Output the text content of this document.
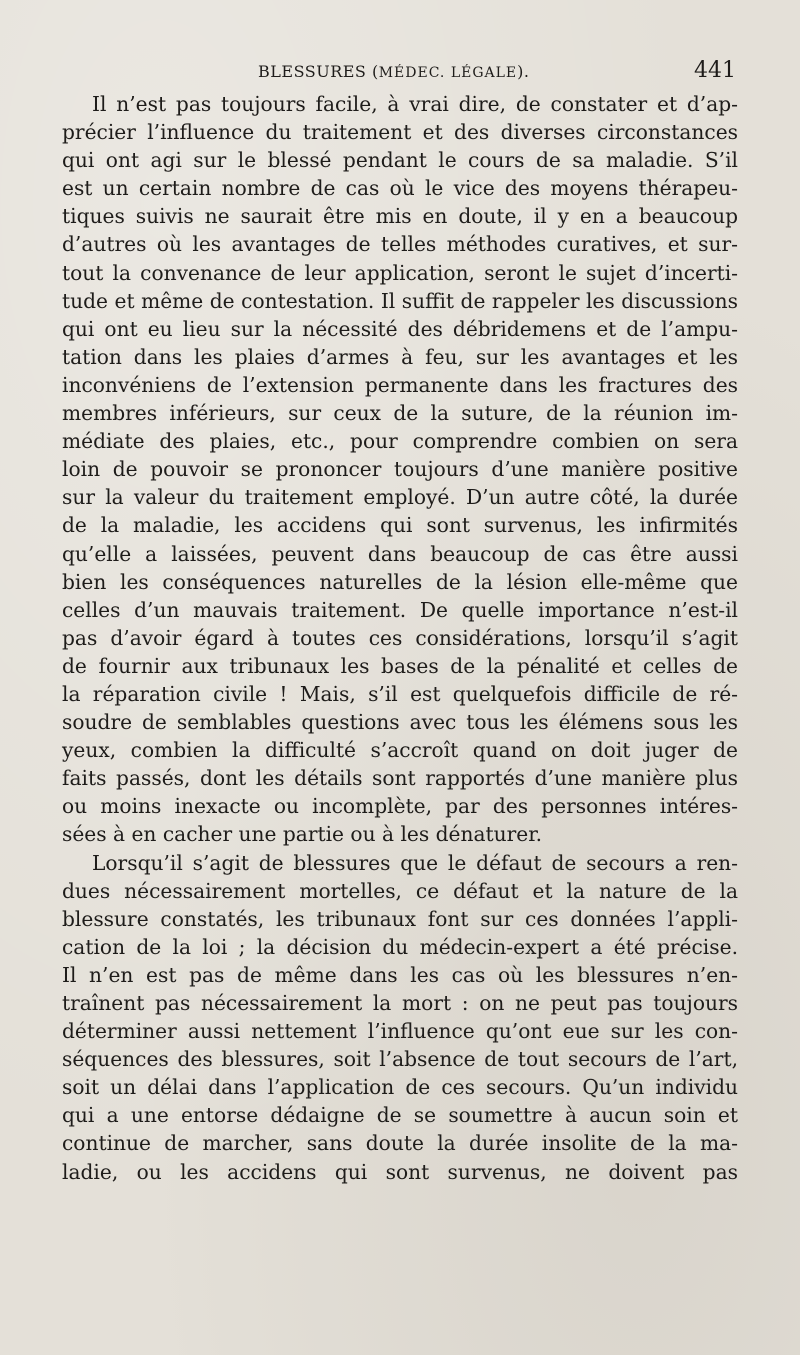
BLESSURES (MÉDEC. LÉGALE).	441
Il n’est pas toujours facile, à vrai dire, de constater et d’ap-
précier l’influence du traitement et des diverses circonstances
qui ont agi sur le blessé pendant le cours de sa maladie. S’il
est un certain nombre de cas où le vice des moyens thérapeu-
tiques suivis ne saurait être mis en doute, il y en a beaucoup
d’autres où les avantages de telles méthodes curatives, et sur-
tout la convenance de leur application, seront le sujet d’incerti-
tude et même de contestation. Il suffit de rappeler les discussions
qui ont eu lieu sur la nécessité des débridemens et de l’ampu-
tation dans les plaies d’armes à feu, sur les avantages et les
inconvéniens de l’extension permanente dans les fractures des
membres inférieurs, sur ceux de la suture, de la réunion im-
médiate des plaies, etc., pour comprendre combien on sera
loin de pouvoir se prononcer toujours d’une manière positive
sur la valeur du traitement employé. D’un autre côté, la durée
de la maladie, les accidens qui sont survenus, les infirmités
qu’elle a laissées, peuvent dans beaucoup de cas être aussi
bien les conséquences naturelles de la lésion elle-même que
celles d’un mauvais traitement. De quelle importance n’est-il
pas d’avoir égard à toutes ces considérations, lorsqu’il s’agit
de fournir aux tribunaux les bases de la pénalité et celles de
la réparation civile ! Mais, s’il est quelquefois difficile de ré-
soudre de semblables questions avec tous les élémens sous les
yeux, combien la difficulté s’accroît quand on doit juger de
faits passés, dont les détails sont rapportés d’une manière plus
ou moins inexacte ou incomplète, par des personnes intéres-
sées à en cacher une partie ou à les dénaturer.
Lorsqu’il s’agit de blessures que le défaut de secours a ren-
dues nécessairement mortelles, ce défaut et la nature de la
blessure constatés, les tribunaux font sur ces données l’appli-
cation de la loi ; la décision du médecin-expert a été précise.
Il n’en est pas de même dans les cas où les blessures n’en-
traînent pas nécessairement la mort : on ne peut pas toujours
déterminer aussi nettement l’influence qu’ont eue sur les con-
séquences des blessures, soit l’absence de tout secours de l’art,
soit un délai dans l’application de ces secours. Qu’un individu
qui a une entorse dédaigne de se soumettre à aucun soin et
continue de marcher, sans doute la durée insolite de la ma-
ladie, ou les accidens qui sont survenus, ne doivent pas
